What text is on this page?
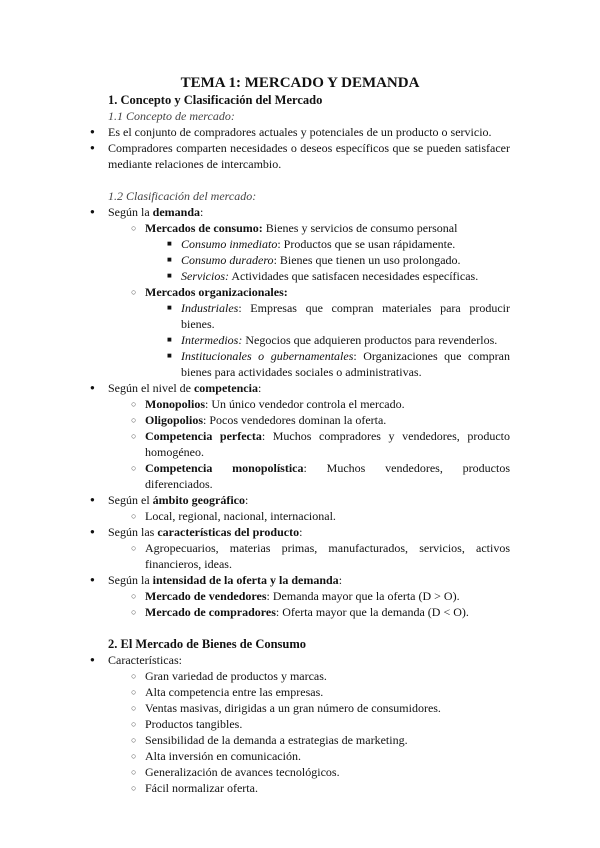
TEMA 1: MERCADO Y DEMANDA
1. Concepto y Clasificación del Mercado
1.1 Concepto de mercado:
● Es el conjunto de compradores actuales y potenciales de un producto o servicio.
● Compradores comparten necesidades o deseos específicos que se pueden satisfacer mediante relaciones de intercambio.
1.2 Clasificación del mercado:
● Según la demanda:
○ Mercados de consumo: Bienes y servicios de consumo personal
■ Consumo inmediato: Productos que se usan rápidamente.
■ Consumo duradero: Bienes que tienen un uso prolongado.
■ Servicios: Actividades que satisfacen necesidades específicas.
○ Mercados organizacionales:
■ Industriales: Empresas que compran materiales para producir bienes.
■ Intermedios: Negocios que adquieren productos para revenderlos.
■ Institucionales o gubernamentales: Organizaciones que compran bienes para actividades sociales o administrativas.
● Según el nivel de competencia:
○ Monopolios: Un único vendedor controla el mercado.
○ Oligopolios: Pocos vendedores dominan la oferta.
○ Competencia perfecta: Muchos compradores y vendedores, producto homogéneo.
○ Competencia monopolística: Muchos vendedores, productos diferenciados.
● Según el ámbito geográfico:
○ Local, regional, nacional, internacional.
● Según las características del producto:
○ Agropecuarios, materias primas, manufacturados, servicios, activos financieros, ideas.
● Según la intensidad de la oferta y la demanda:
○ Mercado de vendedores: Demanda mayor que la oferta (D > O).
○ Mercado de compradores: Oferta mayor que la demanda (D < O).
2. El Mercado de Bienes de Consumo
● Características:
○ Gran variedad de productos y marcas.
○ Alta competencia entre las empresas.
○ Ventas masivas, dirigidas a un gran número de consumidores.
○ Productos tangibles.
○ Sensibilidad de la demanda a estrategias de marketing.
○ Alta inversión en comunicación.
○ Generalización de avances tecnológicos.
○ Fácil normalizar oferta.
